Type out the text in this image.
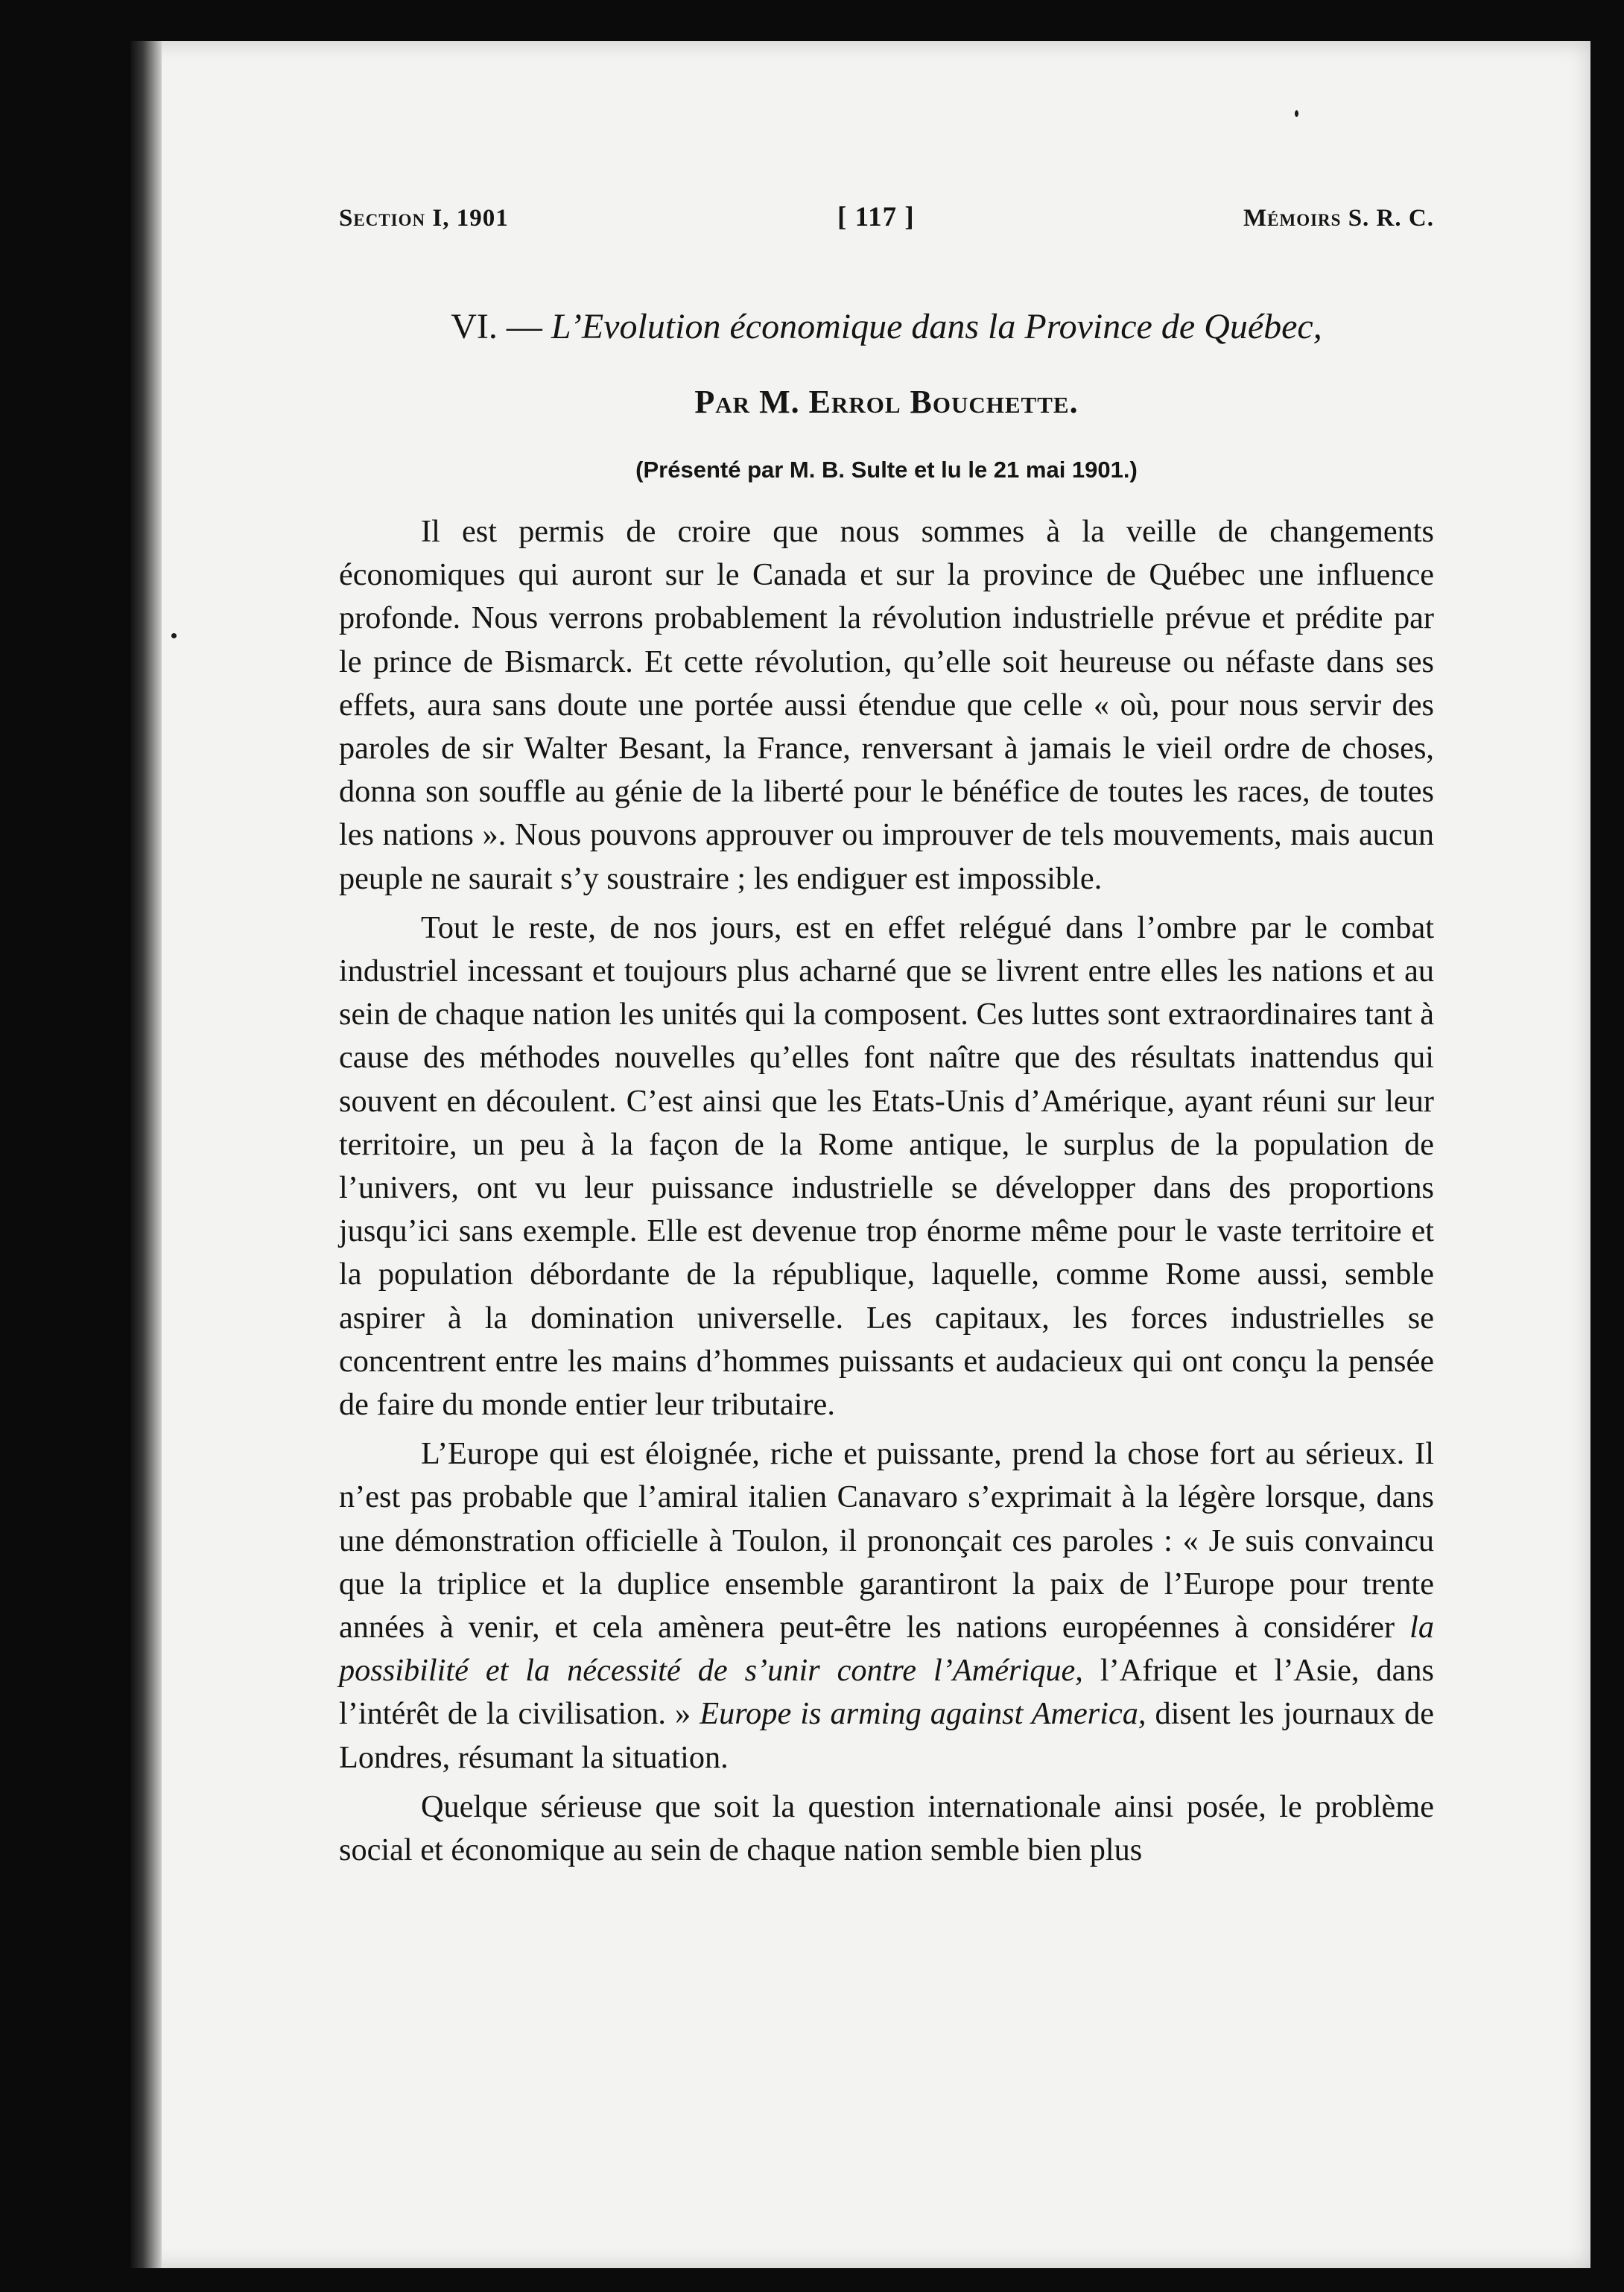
Section I, 1901	[ 117 ]	Mémoirs S. R. C.
VI. — L’Evolution économique dans la Province de Québec,
Par M. Errol Bouchette.
(Présenté par M. B. Sulte et lu le 21 mai 1901.)

Il est permis de croire que nous sommes à la veille de changements économiques qui auront sur le Canada et sur la province de Québec une influence profonde. Nous verrons probablement la révolution industrielle prévue et prédite par le prince de Bismarck. Et cette révolution, qu’elle soit heureuse ou néfaste dans ses effets, aura sans doute une portée aussi étendue que celle « où, pour nous servir des paroles de sir Walter Besant, la France, renversant à jamais le vieil ordre de choses, donna son souffle au génie de la liberté pour le bénéfice de toutes les races, de toutes les nations ». Nous pouvons approuver ou improuver de tels mouvements, mais aucun peuple ne saurait s’y soustraire ; les endiguer est impossible.

Tout le reste, de nos jours, est en effet relégué dans l’ombre par le combat industriel incessant et toujours plus acharné que se livrent entre elles les nations et au sein de chaque nation les unités qui la composent. Ces luttes sont extraordinaires tant à cause des méthodes nouvelles qu’elles font naître que des résultats inattendus qui souvent en découlent. C’est ainsi que les Etats-Unis d’Amérique, ayant réuni sur leur territoire, un peu à la façon de la Rome antique, le surplus de la population de l’univers, ont vu leur puissance industrielle se développer dans des proportions jusqu’ici sans exemple. Elle est devenue trop énorme même pour le vaste territoire et la population débordante de la république, laquelle, comme Rome aussi, semble aspirer à la domination universelle. Les capitaux, les forces industrielles se concentrent entre les mains d’hommes puissants et audacieux qui ont conçu la pensée de faire du monde entier leur tributaire.

L’Europe qui est éloignée, riche et puissante, prend la chose fort au sérieux. Il n’est pas probable que l’amiral italien Canavaro s’exprimait à la légère lorsque, dans une démonstration officielle à Toulon, il prononçait ces paroles : « Je suis convaincu que la triplice et la duplice ensemble garantiront la paix de l’Europe pour trente années à venir, et cela amènera peut-être les nations européennes à considérer la possibilité et la nécessité de s’unir contre l’Amérique, l’Afrique et l’Asie, dans l’intérêt de la civilisation. » Europe is arming against America, disent les journaux de Londres, résumant la situation.

Quelque sérieuse que soit la question internationale ainsi posée, le problème social et économique au sein de chaque nation semble bien plus
